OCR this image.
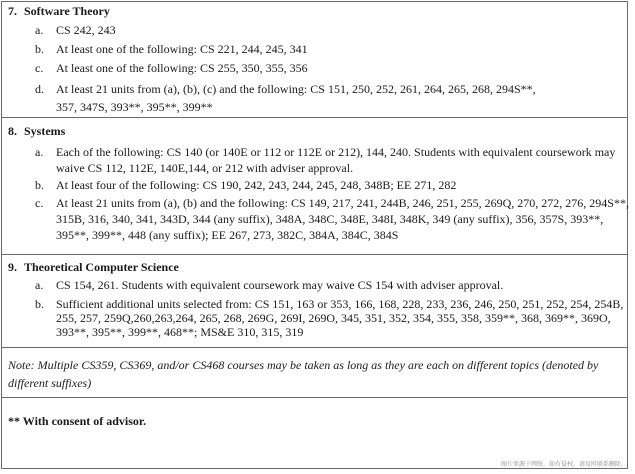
7. Software Theory

a. CS 242, 243

b. At least one of the following: CS 221, 244, 245, 341

c. At least one of the following: CS 255, 350, 355, 356

d. At least 21 units from (a), (b), (c) and the following: CS 151, 250, 252, 261, 264, 265, 268, 294S**, 357, 347S, 393**, 395**, 399**

8. Systems

a. Each of the following: CS 140 (or 140E or 112 or 112E or 212), 144, 240. Students with equivalent coursework may waive CS 112, 112E, 140E,144, or 212 with adviser approval.

b. At least four of the following: CS 190, 242, 243, 244, 245, 248, 348B; EE 271, 282

c. At least 21 units from (a), (b) and the following: CS 149, 217, 241, 244B, 246, 251, 255, 269Q, 270, 272, 276, 294S**, 315B, 316, 340, 341, 343D, 344 (any suffix), 348A, 348C, 348E, 348I, 348K, 349 (any suffix), 356, 357S, 393**, 395**, 399**, 448 (any suffix); EE 267, 273, 382C, 384A, 384C, 384S

9. Theoretical Computer Science

a. CS 154, 261. Students with equivalent coursework may waive CS 154 with adviser approval.

b. Sufficient additional units selected from: CS 151, 163 or 353, 166, 168, 228, 233, 236, 246, 250, 251, 252, 254, 254B, 255, 257, 259Q,260,263,264, 265, 268, 269G, 269I, 269O, 345, 351, 352, 354, 355, 358, 359**, 368, 369**, 369O, 393**, 395**, 399**, 468**; MS&E 310, 315, 319

Note: Multiple CS359, CS369, and/or CS468 courses may be taken as long as they are each on different topics (denoted by different suffixes)

** With consent of advisor.

图片来源于网络，如有侵权，请及时联系删除。
